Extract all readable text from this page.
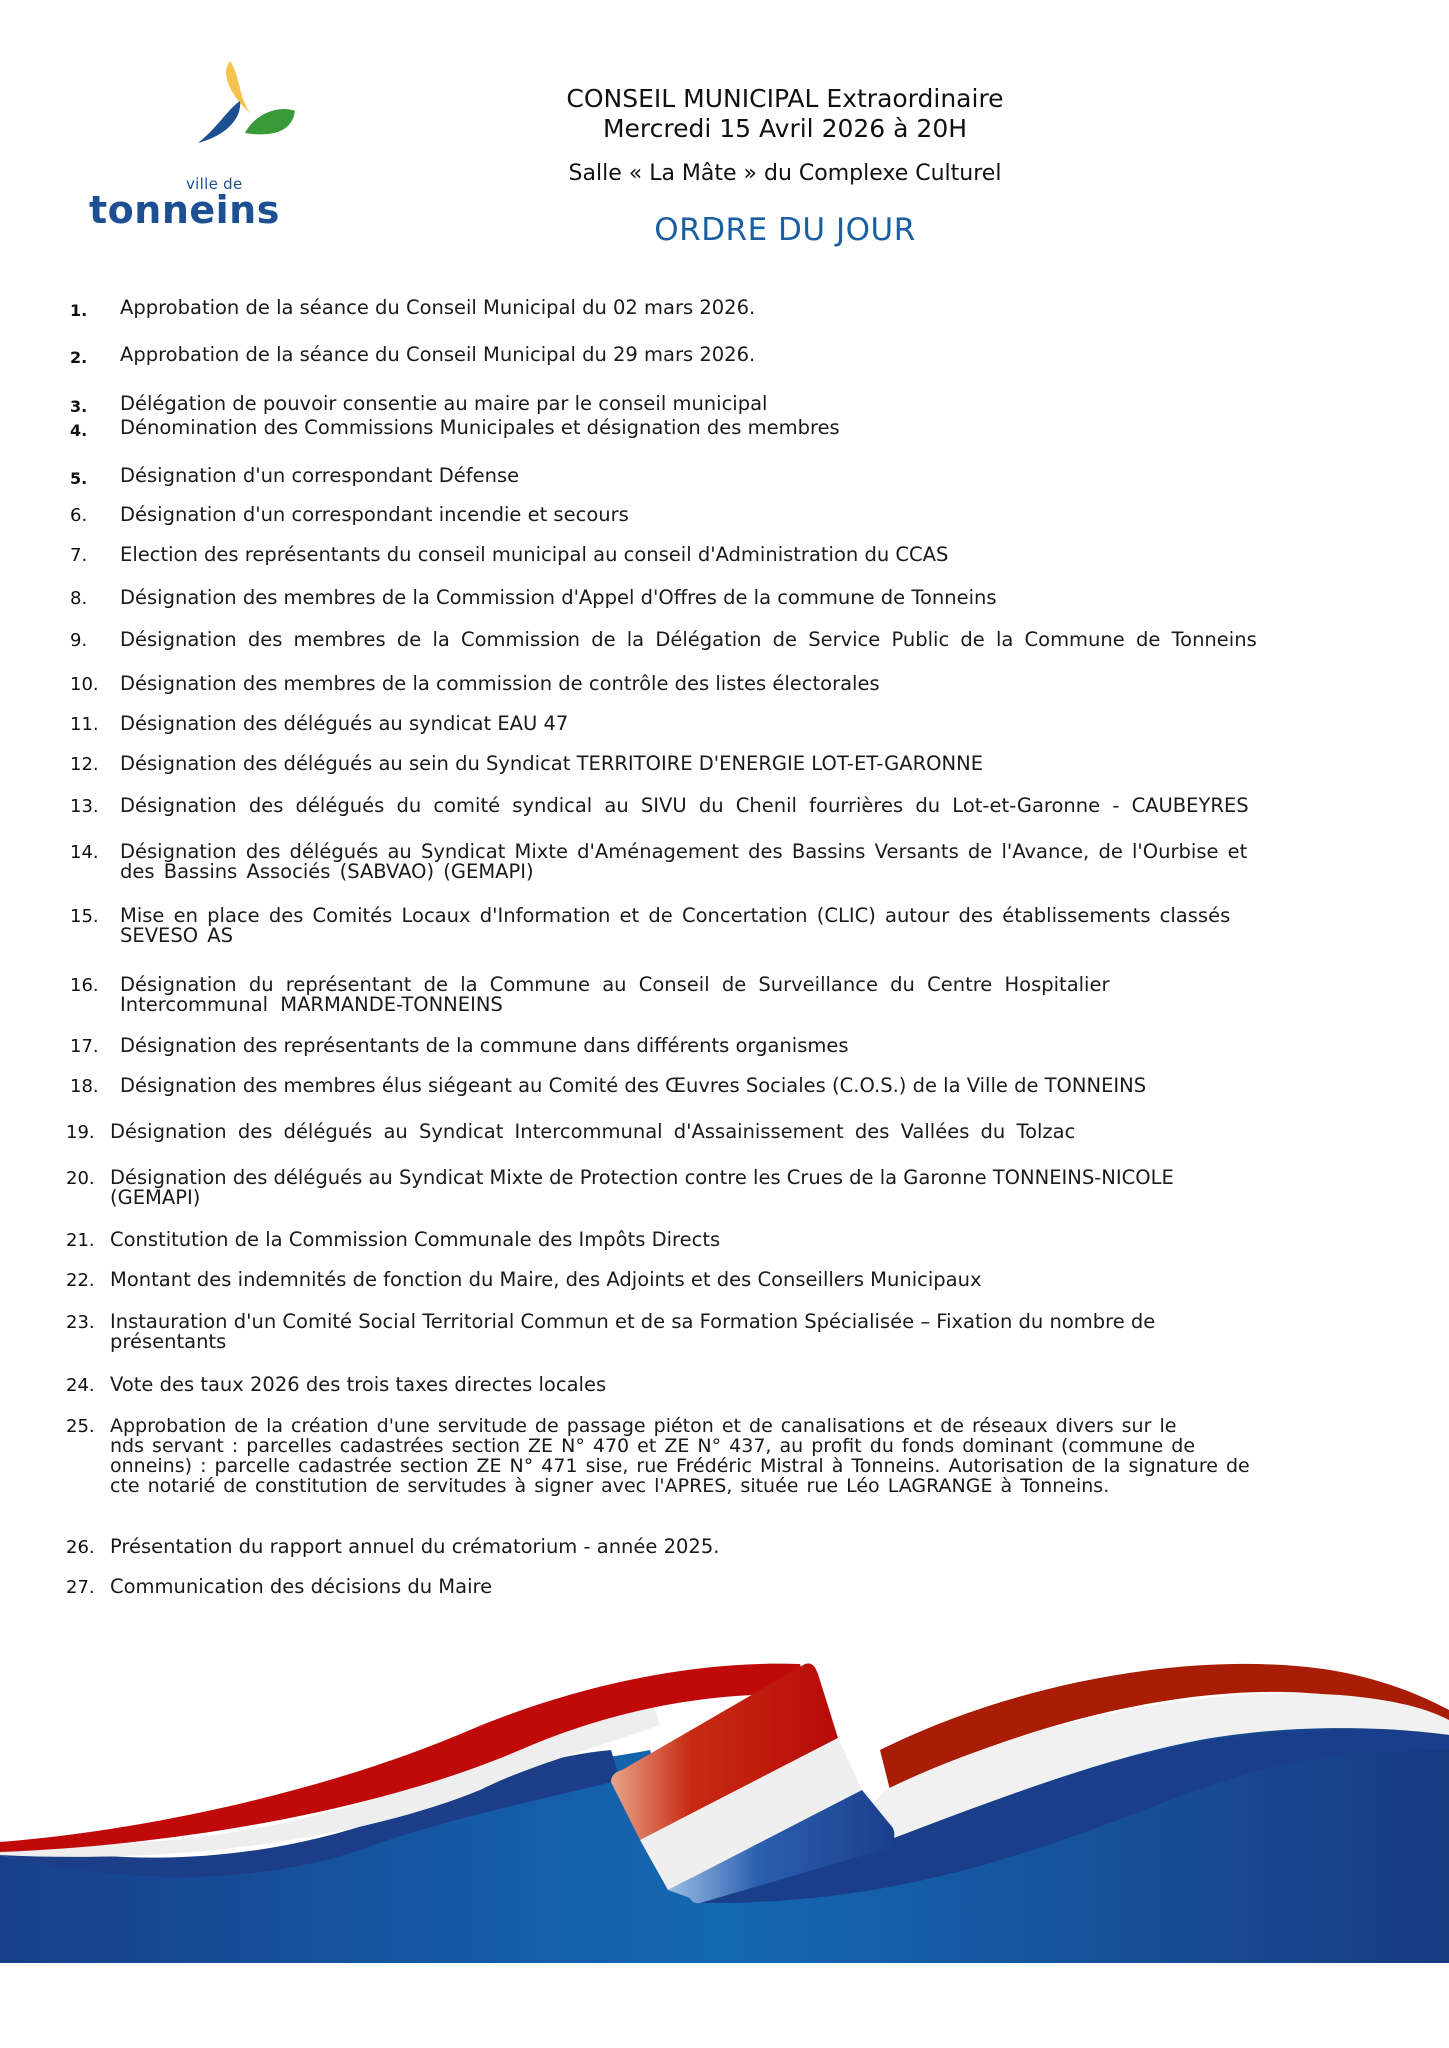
ville de
tonneins
CONSEIL MUNICIPAL Extraordinaire
Mercredi 15 Avril 2026 à 20H
Salle « La Mâte » du Complexe Culturel
ORDRE DU JOUR
1. Approbation de la séance du Conseil Municipal du 02 mars 2026.
2. Approbation de la séance du Conseil Municipal du 29 mars 2026.
3. Délégation de pouvoir consentie au maire par le conseil municipal
4. Dénomination des Commissions Municipales et désignation des membres
5. Désignation d'un correspondant Défense
6. Désignation d'un correspondant incendie et secours
7. Election des représentants du conseil municipal au conseil d'Administration du CCAS
8. Désignation des membres de la Commission d'Appel d'Offres de la commune de Tonneins
9. Désignation des membres de la Commission de la Délégation de Service Public de la Commune de Tonneins
10. Désignation des membres de la commission de contrôle des listes électorales
11. Désignation des délégués au syndicat EAU 47
12. Désignation des délégués au sein du Syndicat TERRITOIRE D'ENERGIE LOT-ET-GARONNE
13. Désignation des délégués du comité syndical au SIVU du Chenil fourrières du Lot-et-Garonne - CAUBEYRES
14. Désignation des délégués au Syndicat Mixte d'Aménagement des Bassins Versants de l'Avance, de l'Ourbise et
des Bassins Associés (SABVAO) (GEMAPI)
15. Mise en place des Comités Locaux d'Information et de Concertation (CLIC) autour des établissements classés
SEVESO AS
16. Désignation du représentant de la Commune au Conseil de Surveillance du Centre Hospitalier
Intercommunal MARMANDE-TONNEINS
17. Désignation des représentants de la commune dans différents organismes
18. Désignation des membres élus siégeant au Comité des Œuvres Sociales (C.O.S.) de la Ville de TONNEINS
19. Désignation des délégués au Syndicat Intercommunal d'Assainissement des Vallées du Tolzac
20. Désignation des délégués au Syndicat Mixte de Protection contre les Crues de la Garonne TONNEINS-NICOLE
(GEMAPI)
21. Constitution de la Commission Communale des Impôts Directs
22. Montant des indemnités de fonction du Maire, des Adjoints et des Conseillers Municipaux
23. Instauration d'un Comité Social Territorial Commun et de sa Formation Spécialisée – Fixation du nombre de
présentants
24. Vote des taux 2026 des trois taxes directes locales
25. Approbation de la création d'une servitude de passage piéton et de canalisations et de réseaux divers sur le
nds servant : parcelles cadastrées section ZE N° 470 et ZE N° 437, au profit du fonds dominant (commune de
onneins) : parcelle cadastrée section ZE N° 471 sise, rue Frédéric Mistral à Tonneins. Autorisation de la signature de
cte notarié de constitution de servitudes à signer avec l'APRES, située rue Léo LAGRANGE à Tonneins.
26. Présentation du rapport annuel du crématorium - année 2025.
27. Communication des décisions du Maire
